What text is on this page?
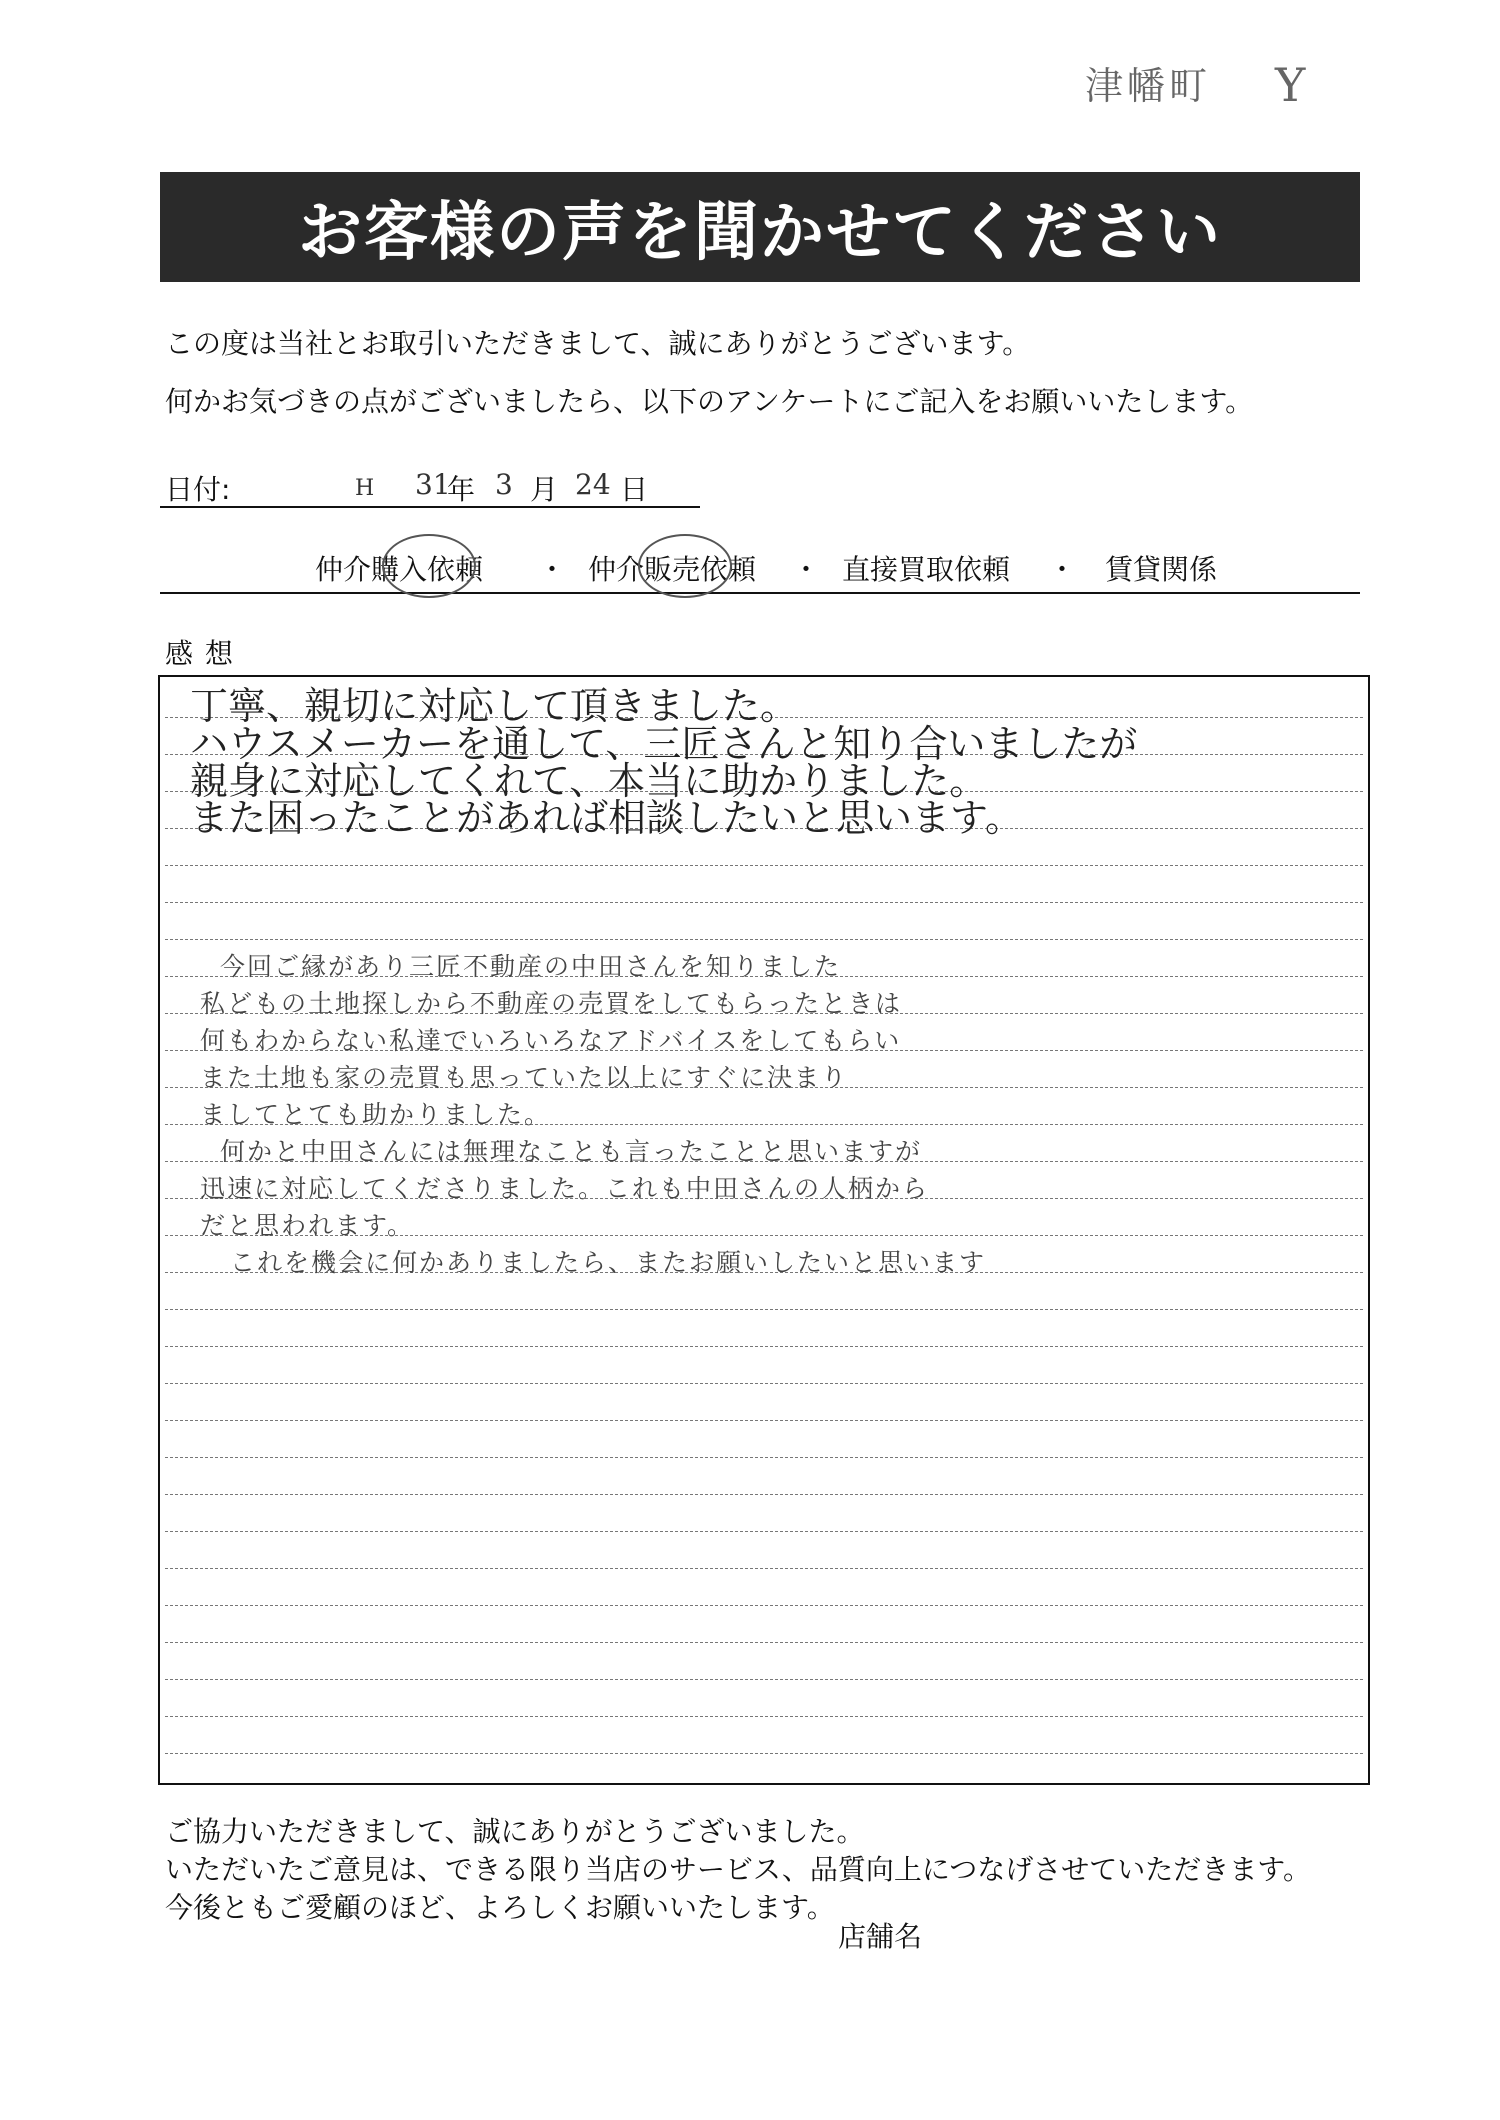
津幡町 Y
お客様の声を聞かせてください
この度は当社とお取引いただきまして、誠にありがとうございます。
何かお気づきの点がございましたら、以下のアンケートにご記入をお願いいたします。
日付:	H 31
年 3 月 24 日
仲介購入依頼 ・ 仲介販売依頼 ・ 直接買取依頼 ・ 賃貸関係
感想
丁寧、親切に対応して頂きました。
ハウスメーカーを通して、三匠さんと知り合いましたが
親身に対応してくれて、本当に助かりました。
また困ったことがあれば相談したいと思います。
今回ご縁があり三匠不動産の中田さんを知りました
私どもの土地探しから不動産の売買をしてもらったときは
何もわからない私達でいろいろなアドバイスをしてもらい
また土地も家の売買も思っていた以上にすぐに決まり
ましてとても助かりました。
何かと中田さんには無理なことも言ったことと思いますが
迅速に対応してくださりました。これも中田さんの人柄から
だと思われます。
これを機会に何かありましたら、またお願いしたいと思います
ご協力いただきまして、誠にありがとうございました。
いただいたご意見は、できる限り当店のサービス、品質向上につなげさせていただきます。
今後ともご愛顧のほど、よろしくお願いいたします。
店舗名
